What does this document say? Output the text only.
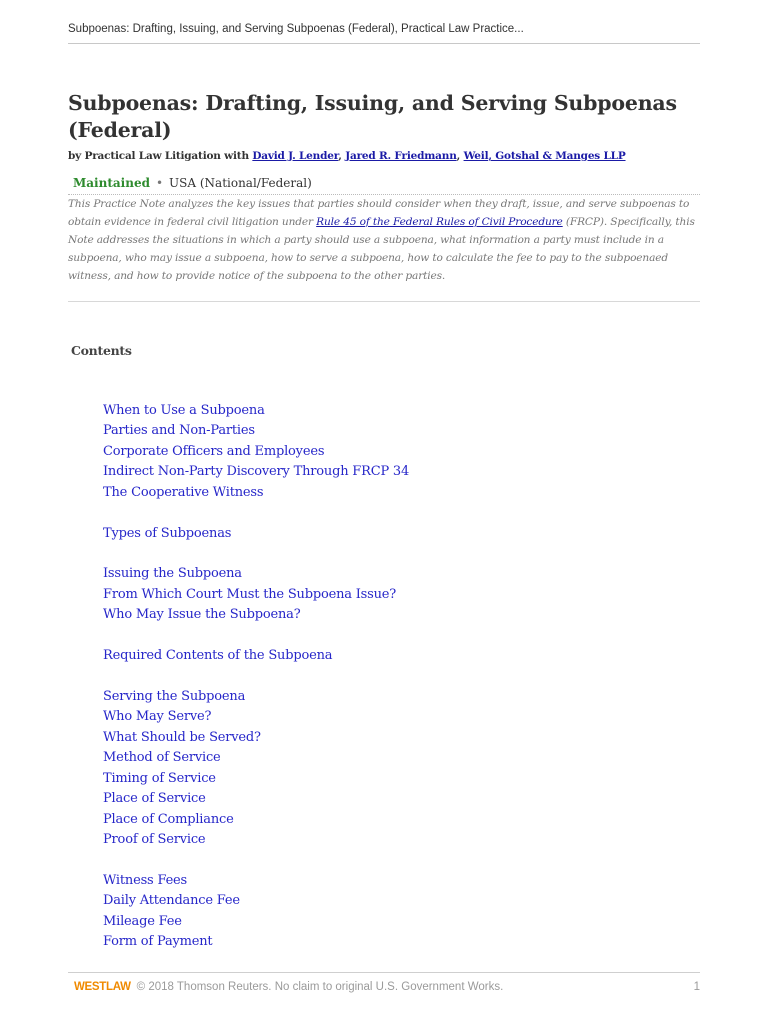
Subpoenas: Drafting, Issuing, and Serving Subpoenas (Federal), Practical Law Practice...
Subpoenas: Drafting, Issuing, and Serving Subpoenas (Federal)
by Practical Law Litigation with David J. Lender, Jared R. Friedmann, Weil, Gotshal & Manges LLP
Maintained • USA (National/Federal)
This Practice Note analyzes the key issues that parties should consider when they draft, issue, and serve subpoenas to obtain evidence in federal civil litigation under Rule 45 of the Federal Rules of Civil Procedure (FRCP). Specifically, this Note addresses the situations in which a party should use a subpoena, what information a party must include in a subpoena, who may issue a subpoena, how to serve a subpoena, how to calculate the fee to pay to the subpoenaed witness, and how to provide notice of the subpoena to the other parties.
Contents
When to Use a Subpoena
Parties and Non-Parties
Corporate Officers and Employees
Indirect Non-Party Discovery Through FRCP 34
The Cooperative Witness
Types of Subpoenas
Issuing the Subpoena
From Which Court Must the Subpoena Issue?
Who May Issue the Subpoena?
Required Contents of the Subpoena
Serving the Subpoena
Who May Serve?
What Should be Served?
Method of Service
Timing of Service
Place of Service
Place of Compliance
Proof of Service
Witness Fees
Daily Attendance Fee
Mileage Fee
Form of Payment
WESTLAW © 2018 Thomson Reuters. No claim to original U.S. Government Works.	1
